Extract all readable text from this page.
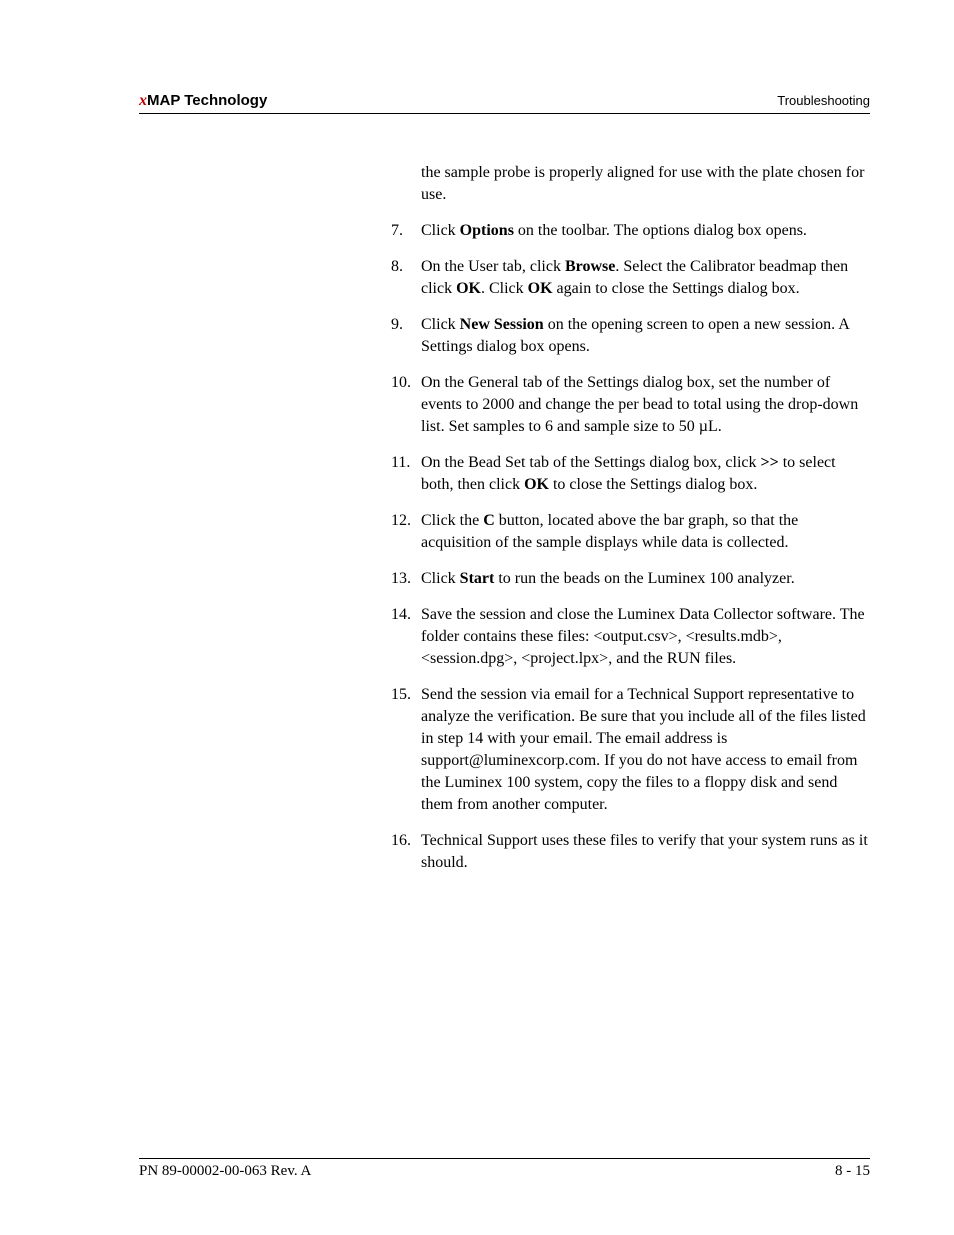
xMAP Technology	Troubleshooting

the sample probe is properly aligned for use with the plate chosen for use.

7. Click Options on the toolbar. The options dialog box opens.
8. On the User tab, click Browse. Select the Calibrator beadmap then click OK. Click OK again to close the Settings dialog box.
9. Click New Session on the opening screen to open a new session. A Settings dialog box opens.
10. On the General tab of the Settings dialog box, set the number of events to 2000 and change the per bead to total using the drop-down list. Set samples to 6 and sample size to 50 µL.
11. On the Bead Set tab of the Settings dialog box, click >> to select both, then click OK to close the Settings dialog box.
12. Click the C button, located above the bar graph, so that the acquisition of the sample displays while data is collected.
13. Click Start to run the beads on the Luminex 100 analyzer.
14. Save the session and close the Luminex Data Collector software. The folder contains these files: <output.csv>, <results.mdb>, <session.dpg>, <project.lpx>, and the RUN files.
15. Send the session via email for a Technical Support representative to analyze the verification. Be sure that you include all of the files listed in step 14 with your email. The email address is support@luminexcorp.com. If you do not have access to email from the Luminex 100 system, copy the files to a floppy disk and send them from another computer.
16. Technical Support uses these files to verify that your system runs as it should.
PN 89-00002-00-063 Rev. A	8 - 15
